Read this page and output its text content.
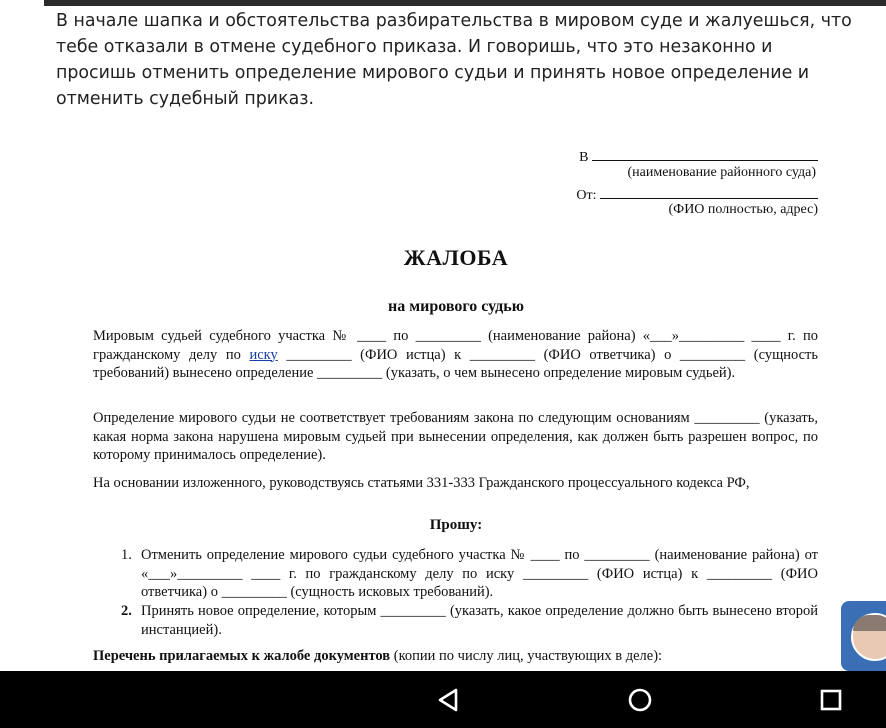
В начале шапка и обстоятельства разбирательства в мировом суде и жалуешься, что тебе отказали в отмене судебного приказа. И говоришь, что это незаконно и просишь отменить определение мирового судьи и принять новое определение и отменить судебный приказ.
В
(наименование районного суда)
От:
(ФИО полностью, адрес)
ЖАЛОБА
на мирового судью
Мировым судьей судебного участка № ____ по _________ (наименование района) «___»_________ ____ г. по гражданскому делу по иску _________ (ФИО истца) к _________ (ФИО ответчика) о _________ (сущность требований) вынесено определение _________ (указать, о чем вынесено определение мировым судьей).
Определение мирового судьи не соответствует требованиям закона по следующим основаниям _________ (указать, какая норма закона нарушена мировым судьей при вынесении определения, как должен быть разрешен вопрос, по которому принималось определение).
На основании изложенного, руководствуясь статьями 331-333 Гражданского процессуального кодекса РФ,
Прошу:
1. Отменить определение мирового судьи судебного участка № ____ по _________ (наименование района) от «___»_________ ____ г. по гражданскому делу по иску _________ (ФИО истца) к _________ (ФИО ответчика) о _________ (сущность исковых требований).
2. Принять новое определение, которым _________ (указать, какое определение должно быть вынесено второй инстанцией).
Перечень прилагаемых к жалобе документов (копии по числу лиц, участвующих в деле):
